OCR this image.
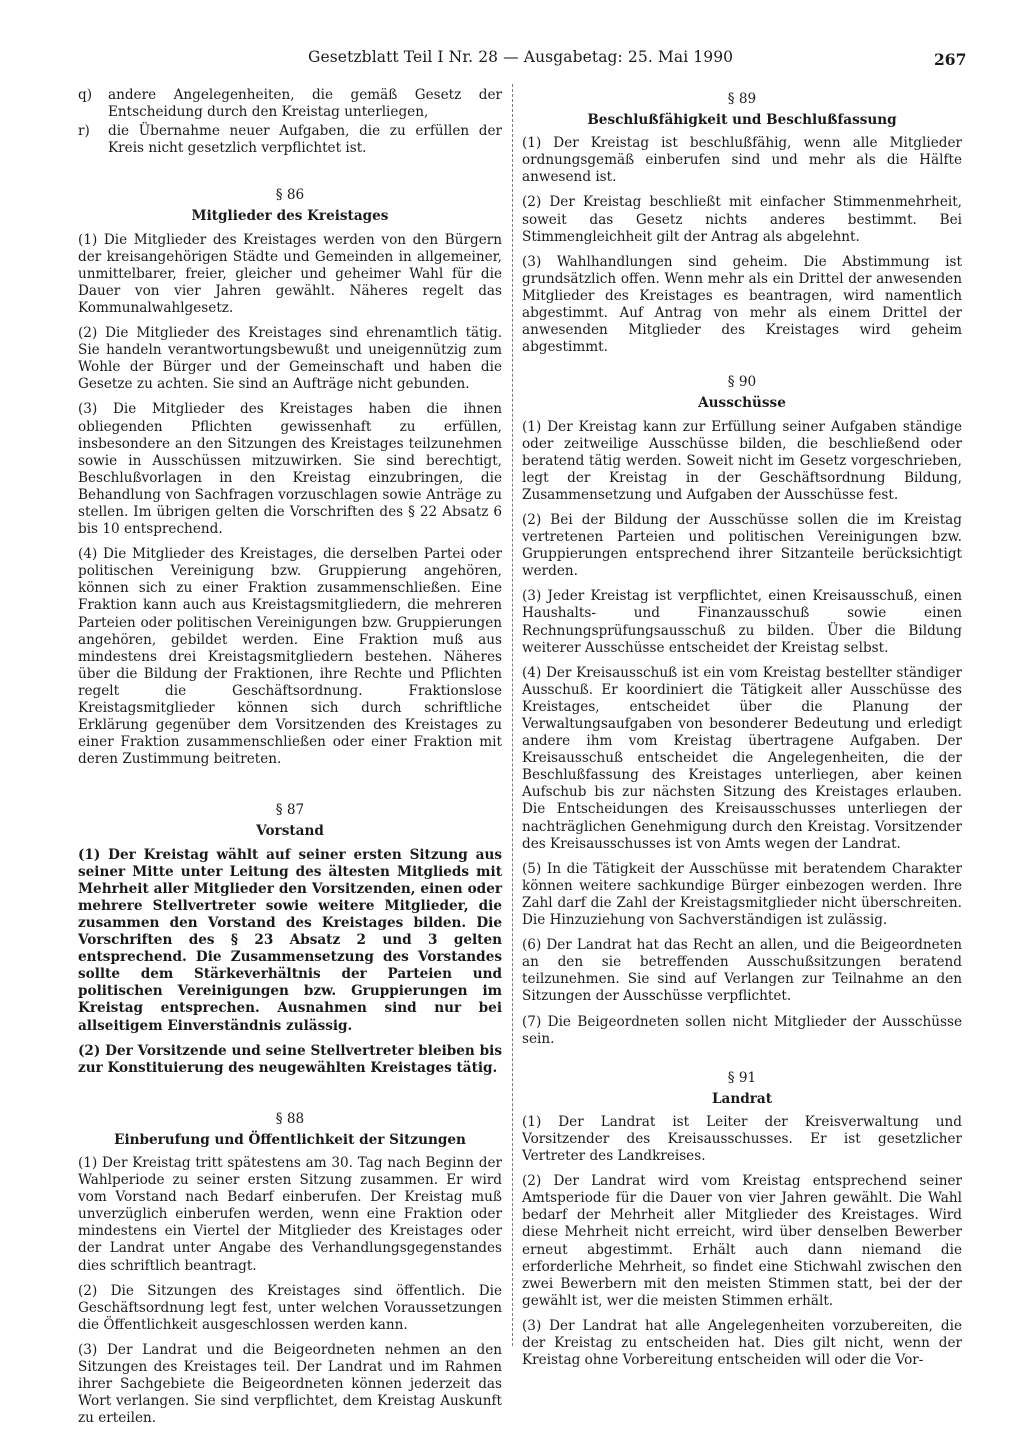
Gesetzblatt Teil I Nr. 28 — Ausgabetag: 25. Mai 1990	267
q) andere Angelegenheiten, die gemäß Gesetz der Entscheidung durch den Kreistag unterliegen,
r) die Übernahme neuer Aufgaben, die zu erfüllen der Kreis nicht gesetzlich verpflichtet ist.
§ 86
Mitglieder des Kreistages

(1) Die Mitglieder des Kreistages werden von den Bürgern der kreisangehörigen Städte und Gemeinden in allgemeiner, unmittelbarer, freier, gleicher und geheimer Wahl für die Dauer von vier Jahren gewählt. Näheres regelt das Kommunalwahlgesetz.

(2) Die Mitglieder des Kreistages sind ehrenamtlich tätig. Sie handeln verantwortungsbewußt und uneigennützig zum Wohle der Bürger und der Gemeinschaft und haben die Gesetze zu achten. Sie sind an Aufträge nicht gebunden.

(3) Die Mitglieder des Kreistages haben die ihnen obliegenden Pflichten gewissenhaft zu erfüllen, insbesondere an den Sitzungen des Kreistages teilzunehmen sowie in Ausschüssen mitzuwirken. Sie sind berechtigt, Beschlußvorlagen in den Kreistag einzubringen, die Behandlung von Sachfragen vorzuschlagen sowie Anträge zu stellen. Im übrigen gelten die Vorschriften des § 22 Absatz 6 bis 10 entsprechend.

(4) Die Mitglieder des Kreistages, die derselben Partei oder politischen Vereinigung bzw. Gruppierung angehören, können sich zu einer Fraktion zusammenschließen. Eine Fraktion kann auch aus Kreistagsmitgliedern, die mehreren Parteien oder politischen Vereinigungen bzw. Gruppierungen angehören, gebildet werden. Eine Fraktion muß aus mindestens drei Kreistagsmitgliedern bestehen. Näheres über die Bildung der Fraktionen, ihre Rechte und Pflichten regelt die Geschäftsordnung. Fraktionslose Kreistagsmitglieder können sich durch schriftliche Erklärung gegenüber dem Vorsitzenden des Kreistages zu einer Fraktion zusammenschließen oder einer Fraktion mit deren Zustimmung beitreten.

§ 87
Vorstand

(1) Der Kreistag wählt auf seiner ersten Sitzung aus seiner Mitte unter Leitung des ältesten Mitglieds mit Mehrheit aller Mitglieder den Vorsitzenden, einen oder mehrere Stellvertreter sowie weitere Mitglieder, die zusammen den Vorstand des Kreistages bilden. Die Vorschriften des § 23 Absatz 2 und 3 gelten entsprechend. Die Zusammensetzung des Vorstandes sollte dem Stärkeverhältnis der Parteien und politischen Vereinigungen bzw. Gruppierungen im Kreistag entsprechen. Ausnahmen sind nur bei allseitigem Einverständnis zulässig.

(2) Der Vorsitzende und seine Stellvertreter bleiben bis zur Konstituierung des neugewählten Kreistages tätig.

§ 88
Einberufung und Öffentlichkeit der Sitzungen

(1) Der Kreistag tritt spätestens am 30. Tag nach Beginn der Wahlperiode zu seiner ersten Sitzung zusammen. Er wird vom Vorstand nach Bedarf einberufen. Der Kreistag muß unverzüglich einberufen werden, wenn eine Fraktion oder mindestens ein Viertel der Mitglieder des Kreistages oder der Landrat unter Angabe des Verhandlungsgegenstandes dies schriftlich beantragt.

(2) Die Sitzungen des Kreistages sind öffentlich. Die Geschäftsordnung legt fest, unter welchen Voraussetzungen die Öffentlichkeit ausgeschlossen werden kann.

(3) Der Landrat und die Beigeordneten nehmen an den Sitzungen des Kreistages teil. Der Landrat und im Rahmen ihrer Sachgebiete die Beigeordneten können jederzeit das Wort verlangen. Sie sind verpflichtet, dem Kreistag Auskunft zu erteilen.

§ 89
Beschlußfähigkeit und Beschlußfassung

(1) Der Kreistag ist beschlußfähig, wenn alle Mitglieder ordnungsgemäß einberufen sind und mehr als die Hälfte anwesend ist.

(2) Der Kreistag beschließt mit einfacher Stimmenmehrheit, soweit das Gesetz nichts anderes bestimmt. Bei Stimmengleichheit gilt der Antrag als abgelehnt.

(3) Wahlhandlungen sind geheim. Die Abstimmung ist grundsätzlich offen. Wenn mehr als ein Drittel der anwesenden Mitglieder des Kreistages es beantragen, wird namentlich abgestimmt. Auf Antrag von mehr als einem Drittel der anwesenden Mitglieder des Kreistages wird geheim abgestimmt.

§ 90
Ausschüsse

(1) Der Kreistag kann zur Erfüllung seiner Aufgaben ständige oder zeitweilige Ausschüsse bilden, die beschließend oder beratend tätig werden. Soweit nicht im Gesetz vorgeschrieben, legt der Kreistag in der Geschäftsordnung Bildung, Zusammensetzung und Aufgaben der Ausschüsse fest.

(2) Bei der Bildung der Ausschüsse sollen die im Kreistag vertretenen Parteien und politischen Vereinigungen bzw. Gruppierungen entsprechend ihrer Sitzanteile berücksichtigt werden.

(3) Jeder Kreistag ist verpflichtet, einen Kreisausschuß, einen Haushalts- und Finanzausschuß sowie einen Rechnungsprüfungsausschuß zu bilden. Über die Bildung weiterer Ausschüsse entscheidet der Kreistag selbst.

(4) Der Kreisausschuß ist ein vom Kreistag bestellter ständiger Ausschuß. Er koordiniert die Tätigkeit aller Ausschüsse des Kreistages, entscheidet über die Planung der Verwaltungsaufgaben von besonderer Bedeutung und erledigt andere ihm vom Kreistag übertragene Aufgaben. Der Kreisausschuß entscheidet die Angelegenheiten, die der Beschlußfassung des Kreistages unterliegen, aber keinen Aufschub bis zur nächsten Sitzung des Kreistages erlauben. Die Entscheidungen des Kreisausschusses unterliegen der nachträglichen Genehmigung durch den Kreistag. Vorsitzender des Kreisausschusses ist von Amts wegen der Landrat.

(5) In die Tätigkeit der Ausschüsse mit beratendem Charakter können weitere sachkundige Bürger einbezogen werden. Ihre Zahl darf die Zahl der Kreistagsmitglieder nicht überschreiten. Die Hinzuziehung von Sachverständigen ist zulässig.

(6) Der Landrat hat das Recht an allen, und die Beigeordneten an den sie betreffenden Ausschußsitzungen beratend teilzunehmen. Sie sind auf Verlangen zur Teilnahme an den Sitzungen der Ausschüsse verpflichtet.

(7) Die Beigeordneten sollen nicht Mitglieder der Ausschüsse sein.

§ 91
Landrat

(1) Der Landrat ist Leiter der Kreisverwaltung und Vorsitzender des Kreisausschusses. Er ist gesetzlicher Vertreter des Landkreises.

(2) Der Landrat wird vom Kreistag entsprechend seiner Amtsperiode für die Dauer von vier Jahren gewählt. Die Wahl bedarf der Mehrheit aller Mitglieder des Kreistages. Wird diese Mehrheit nicht erreicht, wird über denselben Bewerber erneut abgestimmt. Erhält auch dann niemand die erforderliche Mehrheit, so findet eine Stichwahl zwischen den zwei Bewerbern mit den meisten Stimmen statt, bei der der gewählt ist, wer die meisten Stimmen erhält.

(3) Der Landrat hat alle Angelegenheiten vorzubereiten, die der Kreistag zu entscheiden hat. Dies gilt nicht, wenn der Kreistag ohne Vorbereitung entscheiden will oder die Vor-
